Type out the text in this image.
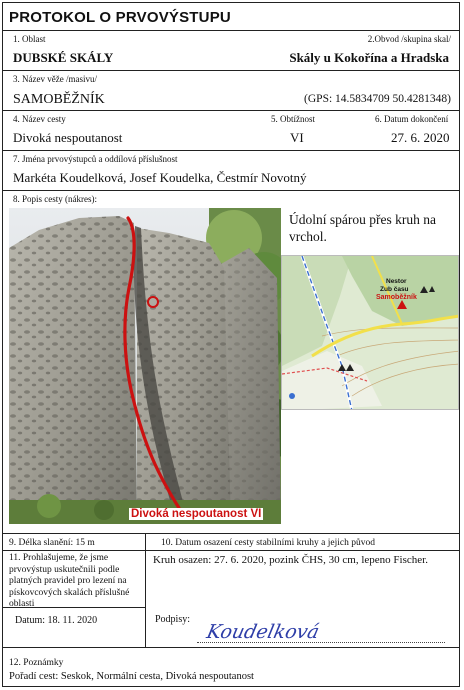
PROTOKOL O PRVOVÝSTUPU
1. Oblast
DUBSKÉ SKÁLY
2.Obvod /skupina skal/
Skály u Kokořína a Hradska
3. Název věže /masivu/
SAMOBĚŽNÍK	(GPS: 14.5834709 50.4281348)
4. Název cesty
Divoká nespoutanost
5. Obtížnost
VI
6. Datum dokončení
27. 6. 2020
7. Jména prvovýstupců a oddílová příslušnost
Markéta Koudelková, Josef Koudelka, Čestmír Novotný
8. Popis cesty (nákres):
Divoká nespoutanost VI
Údolní spárou přes kruh na vrchol.
Nestor
Zub času
Samoběžník
9. Délka slanění: 15 m	10. Datum osazení cesty stabilními kruhy a jejich původ
11. Prohlašujeme, že jsme prvovýstup uskutečnili podle platných pravidel pro lezení na pískovcových skalách příslušné oblasti
Kruh osazen: 27. 6. 2020, pozink ČHS, 30 cm, lepeno Fischer.
Datum: 18. 11. 2020	Podpisy:
Koudelková
12. Poznámky
Pořadí cest: Seskok, Normální cesta, Divoká nespoutanost
